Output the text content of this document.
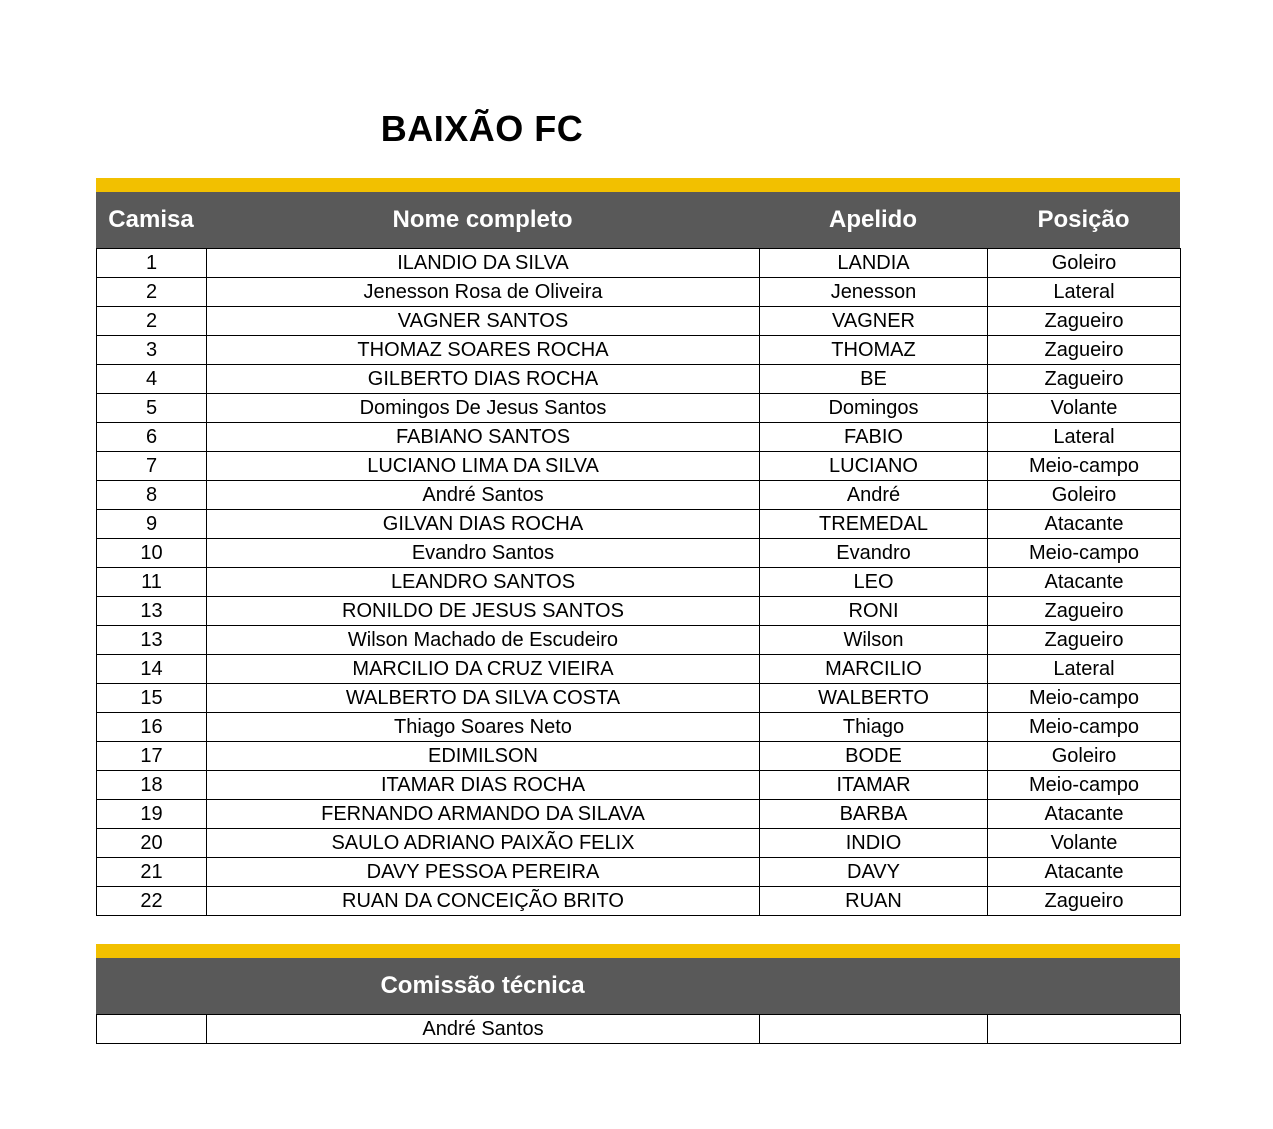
BAIXÃO FC
Camisa	Nome completo	Apelido	Posição
1	ILANDIO DA SILVA	LANDIA	Goleiro
2	Jenesson Rosa de Oliveira	Jenesson	Lateral
2	VAGNER SANTOS	VAGNER	Zagueiro
3	THOMAZ SOARES ROCHA	THOMAZ	Zagueiro
4	GILBERTO DIAS ROCHA	BE	Zagueiro
5	Domingos De Jesus Santos	Domingos	Volante
6	FABIANO SANTOS	FABIO	Lateral
7	LUCIANO LIMA DA SILVA	LUCIANO	Meio-campo
8	André Santos	André	Goleiro
9	GILVAN DIAS ROCHA	TREMEDAL	Atacante
10	Evandro Santos	Evandro	Meio-campo
11	LEANDRO SANTOS	LEO	Atacante
13	RONILDO DE JESUS SANTOS	RONI	Zagueiro
13	Wilson Machado de Escudeiro	Wilson	Zagueiro
14	MARCILIO DA CRUZ VIEIRA	MARCILIO	Lateral
15	WALBERTO DA SILVA COSTA	WALBERTO	Meio-campo
16	Thiago Soares Neto	Thiago	Meio-campo
17	EDIMILSON	BODE	Goleiro
18	ITAMAR DIAS ROCHA	ITAMAR	Meio-campo
19	FERNANDO ARMANDO DA SILAVA	BARBA	Atacante
20	SAULO ADRIANO PAIXÃO FELIX	INDIO	Volante
21	DAVY PESSOA PEREIRA	DAVY	Atacante
22	RUAN DA CONCEIÇÃO BRITO	RUAN	Zagueiro
Comissão técnica
	André Santos		
